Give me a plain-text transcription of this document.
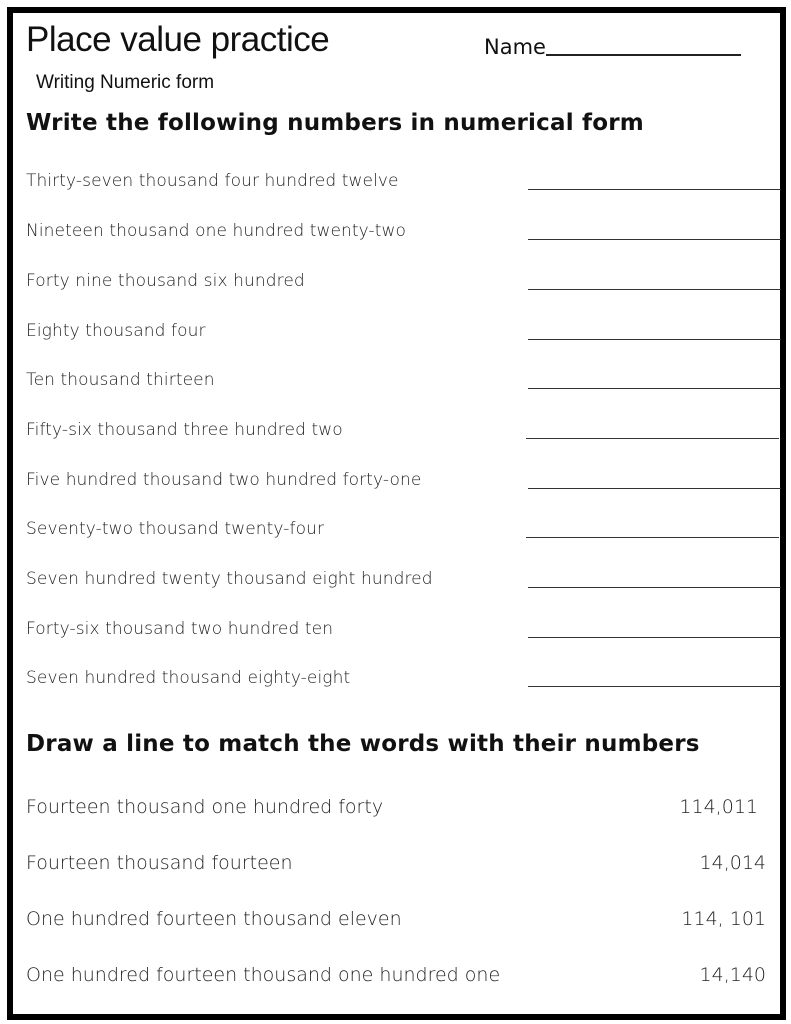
Place value practice
Writing Numeric form
Name
Write the following numbers in numerical form
Thirty-seven thousand four hundred twelve
Nineteen thousand one hundred twenty-two
Forty nine thousand six hundred
Eighty thousand four
Ten thousand thirteen
Fifty-six thousand three hundred two
Five hundred thousand two hundred forty-one
Seventy-two thousand twenty-four
Seven hundred twenty thousand eight hundred
Forty-six thousand two hundred ten
Seven hundred thousand eighty-eight
Draw a line to match the words with their numbers
Fourteen thousand one hundred forty	114,011
Fourteen thousand fourteen	14,014
One hundred fourteen thousand eleven	114, 101
One hundred fourteen thousand one hundred one	14,140
